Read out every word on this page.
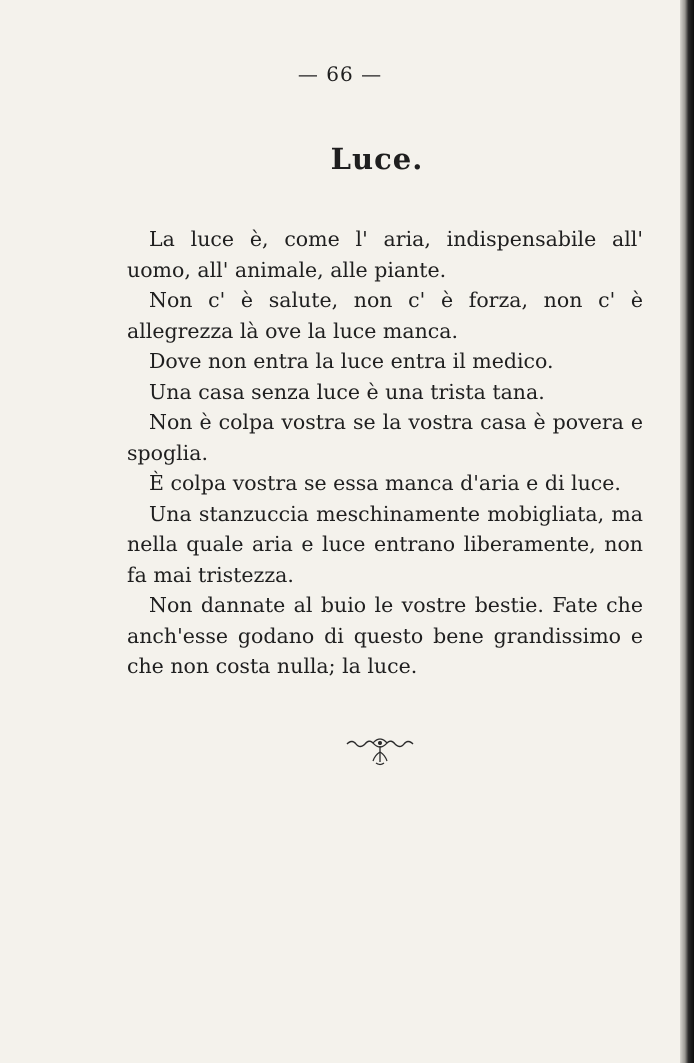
— 66 —
Luce.

La luce è, come l' aria, indispensabile all' uomo, all' animale, alle piante.

Non c' è salute, non c' è forza, non c' è allegrezza là ove la luce manca.

Dove non entra la luce entra il medico.

Una casa senza luce è una trista tana.

Non è colpa vostra se la vostra casa è povera e spoglia.

È colpa vostra se essa manca d'aria e di luce.

Una stanzuccia meschinamente mobigliata, ma nella quale aria e luce entrano liberamente, non fa mai tristezza.

Non dannate al buio le vostre bestie. Fate che anch'esse godano di questo bene grandissimo e che non costa nulla; la luce.
